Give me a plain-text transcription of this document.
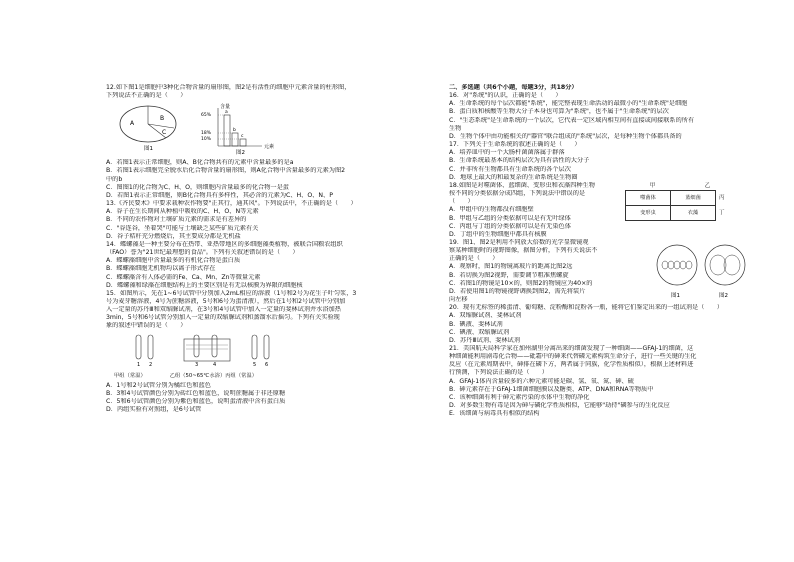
12.如下图1是细胞中3种化合物含量的扇形图，图2是有活性的细胞中元素含量的柱形图，
下列说法不正确的是（　　）
A
B
C
图1
含量
元素
65%
18%
10%
a
b
c
图2
A．若图1表示正常细胞，则A、B化合物共有的元素中含量最多的是a
B．若图1表示细胞完全脱水后化合物含量的扇形图，则A化合物中含量最多的元素为图2
中的b
C．图图1的化合物为C、H、O，则细胞内含量最多的化合物一是蛋
D．若图1表示正常细胞，则B化合物具有多样性，其必含的元素为C、H、O、N、P
13.《齐民要术》中要求栽种农作物要"正其行，通其风"。下列说法中，不正确的是（　　）
A．谷子在生长期间从种植中吸收的C、H、O、N等元素
B．不同的农作物对土壤矿质元素的需求是有差异的
C．"谷连谷，坐着哭"可能与土壤缺乏某些矿质元素有关
D．谷子秸秆充分燃烧后，其主要成分都是无机盐
14．蝶螺藻是一种主要分布在热带、亚热带地区的多细胞藻类植物，被联合国粮农组织
（FAO）誉为"21世纪最理想的食品"。下列有关叙述错误的是（　　）
A．蝶螺藻细胞中含量最多的有机化合物是蛋白质
B．蝶螺藻细胞无机物均以离子形式存在
C．蝶螺藻含有人体必需的Fe、Ca、Mn、Zn等微量元素
D．蝶螺藻和绿藻在细胞结构上的主要区别是有无以核膜为界限的细胞核
15．如图所示，先在1~6号试管中分别加入2mL相应的溶液（1号和2号为花生子叶匀浆，3
号为麦芽糖溶液，4号为蔗糖溶液，5号和6号为蛋清液），然后在1号和2号试管中分别加
入一定量的苏丹Ⅲ和双缩脲试剂，在3号和4号试管中加入一定量的斐林试剂并水浴加热
3min，5号和6号试管分别加入一定量的双缩脲试剂和蒸馏水后摇匀。下列有关实验现
象的叙述中错误的是（　　）
1 2	3	4	5 6
甲组（常温）　　　　　乙组（50~65℃水浴）丙组（常温）
A．1号和2号试管分别为橘红色和蓝色
B．3和4号试管颜色分别为砖红色和蓝色，说明蔗糖属于非还原糖
C．5和6号试管颜色分别为紫色和蓝色，说明蛋清液中含有蛋白质
D．丙组实验有对照组，是6号试管
二、多选题（共6个小题，每题3分，共18分）
16．对"系统"的认识，正确的是（　　）
A．生命系统的每个层次都能"系统"，能完整表现生命活动的最微小的"生命系统"是细胞
B．蛋白质和核酸等生物大分子本身也可算为"系统"，也不属于"生命系统"的层次
C．"生态系统"是生命系统的一个层次，它代表一定区域内相互间有直接或间接联系的所有
生物
D．生物个体中由功能相关的"器官"联合组成的"系统"层次，是每种生物个体都具备的
17．下列关于生命系统的叙述正确的是（　　）
A．培养皿中的一个大肠杆菌菌落属于群落
B．生命系统最基本的结构层次为具有活性的大分子
C．并非所有生物都具有生命系统的各个层次
D．地球上最大的和最复杂的生命系统是生物圈
18.如图是对噬菌体、蓝细菌、变形虫和衣藻四种生物
按不同的分类依据分成四组，下列说法中错误的是
（　　）
A．甲组中的生物都没有细胞壁
B．甲组与乙组的分类依据可以是有无叶绿体
C．丙组与丁组的分类依据可以是有无染色体
D．丁组中的生物细胞中都具有核膜
甲	乙
噬菌体	蓝细菌
变形虫	衣藻
丙
丁
19．图1、图2是利用不同放大倍数的光学显微镜观
察某种细胞时的视野图像，据图分析，下列有关说法不
正确的是（　　）
图1	图2
A．观察时，图1的物镜离玻片的距离比图2远
B．若切换为图2视野，需要调节粗准焦螺旋
C．若图1的物镜是10×的，则图2的物镜应为40×的
D．若使用图1的物镜视野调换到图2，需先将装片
向左移
20．现有无标签的稀蛋清、葡萄糖、淀粉酶和淀粉各一瓶，能将它们鉴定出来的一组试剂是（　　）
A．双缩脲试剂、斐林试剂
B．碘液、斐林试剂
C．碘液、双缩脲试剂
D．苏丹Ⅲ试剂、斐林试剂
21．美国航天局科学家在加州湖里分离出来的细菌发现了一种细菌——GFAJ-1的细菌，这
种细菌能利用剧毒化合物——砒霜中的砷来代替磷元素构筑生命分子，进行一些关键的生化
反应（在元素周期表中，砷排在磷下方，两者属于同族，化学性质相似），根据上述材料进
行预测，下列说法正确的是（　　）
A．GFAJ-1体内含量较多的六种元素可能是碳、氢、氧、氮、砷、硫
B．砷元素存在于GFAJ-1细菌细胞膜以及糖类、ATP、DNA和RNA等物质中
C．该种细菌有利于砷元素污染的水体中生物的净化
D．对多数生物有毒是因为砷与磷化学性质相似，它能够"劫持"磷参与的生化反应
E．该细菌与病毒具有相似的结构
